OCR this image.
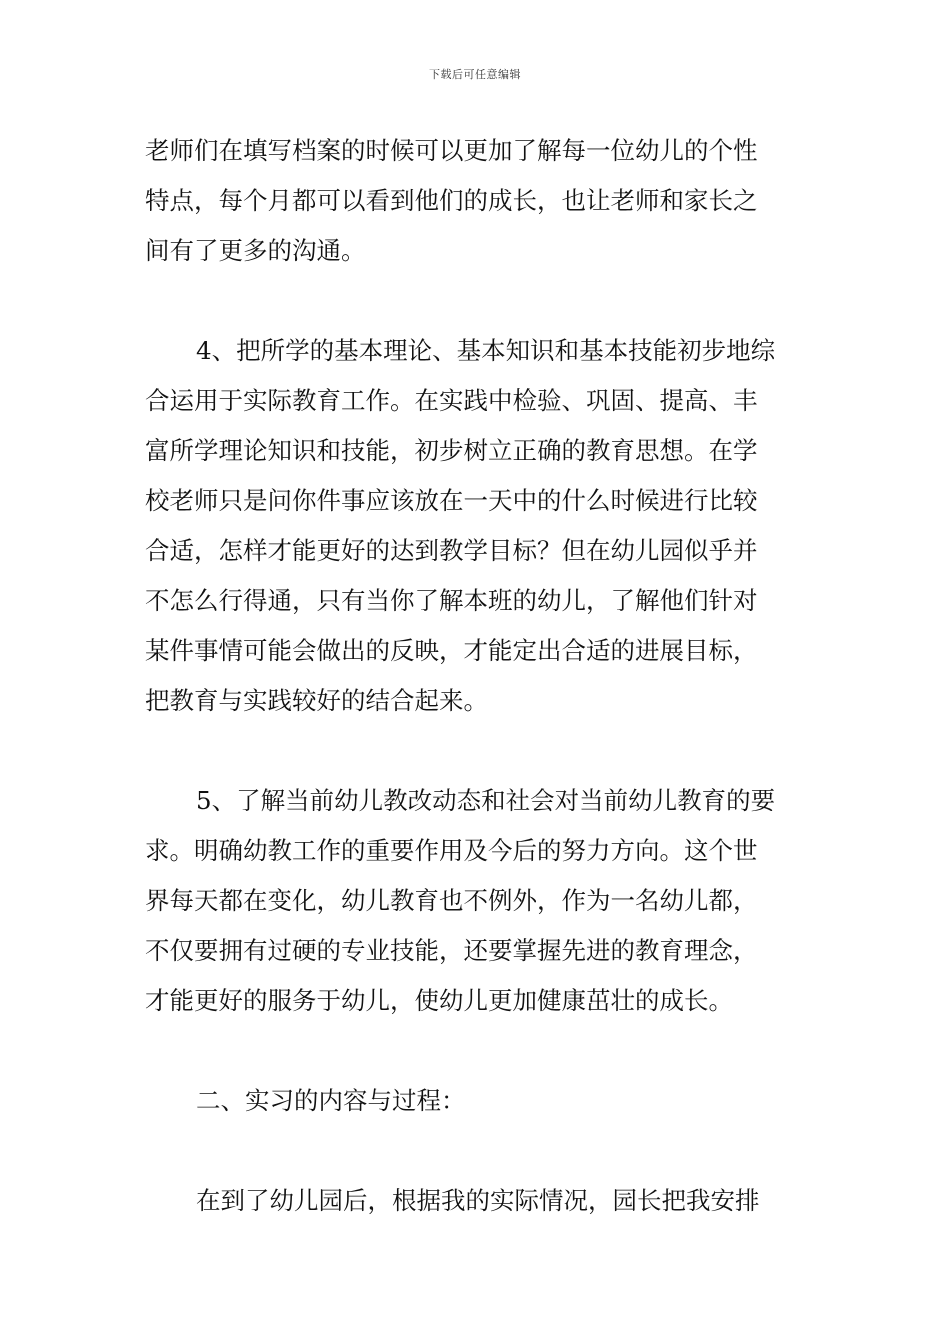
下载后可任意编辑
老师们在填写档案的时候可以更加了解每一位幼儿的个性
特点，每个月都可以看到他们的成长，也让老师和家长之
间有了更多的沟通。
4、把所学的基本理论、基本知识和基本技能初步地综
合运用于实际教育工作。在实践中检验、巩固、提高、丰
富所学理论知识和技能，初步树立正确的教育思想。在学
校老师只是问你件事应该放在一天中的什么时候进行比较
合适，怎样才能更好的达到教学目标？但在幼儿园似乎并
不怎么行得通，只有当你了解本班的幼儿，了解他们针对
某件事情可能会做出的反映，才能定出合适的进展目标，
把教育与实践较好的结合起来。
5、了解当前幼儿教改动态和社会对当前幼儿教育的要
求。明确幼教工作的重要作用及今后的努力方向。这个世
界每天都在变化，幼儿教育也不例外，作为一名幼儿都，
不仅要拥有过硬的专业技能，还要掌握先进的教育理念，
才能更好的服务于幼儿，使幼儿更加健康茁壮的成长。
二、实习的内容与过程：
在到了幼儿园后，根据我的实际情况，园长把我安排
